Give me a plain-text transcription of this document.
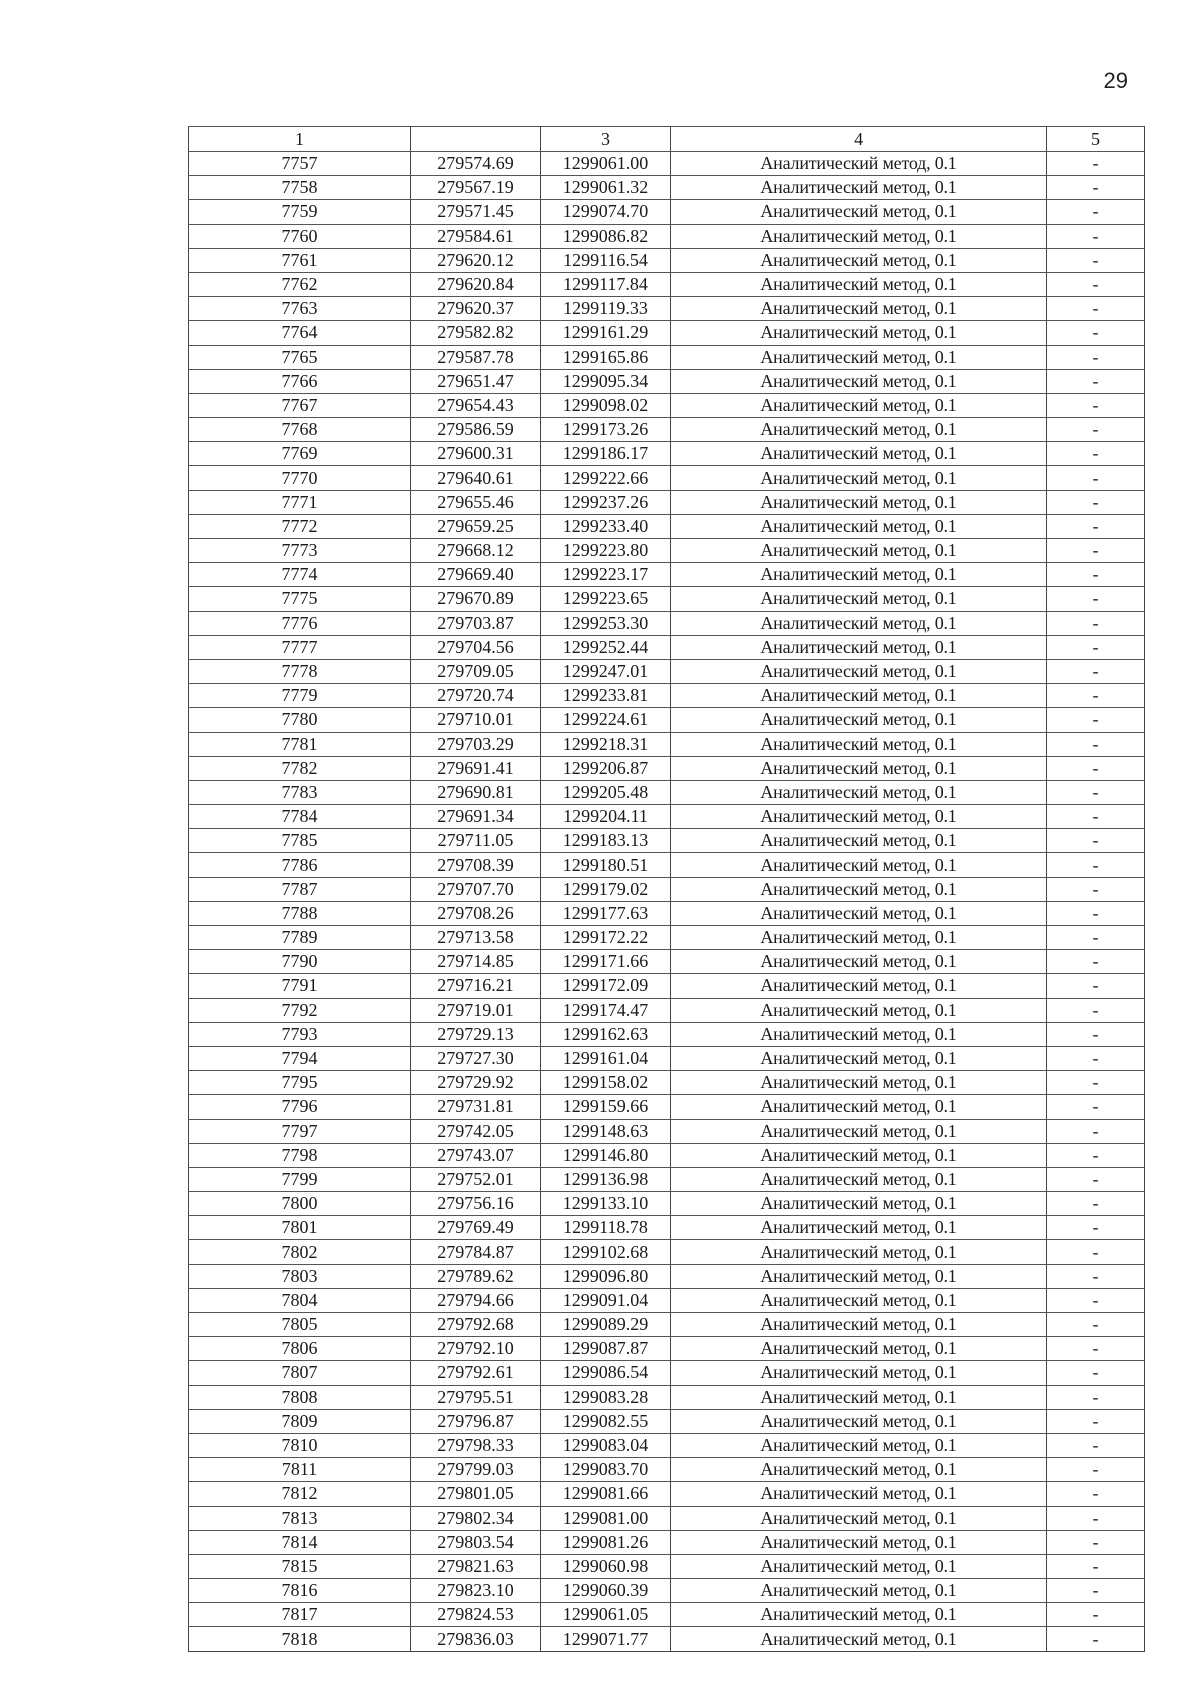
29
1		3	4	5
7757	279574.69	1299061.00	Аналитический метод, 0.1	-
7758	279567.19	1299061.32	Аналитический метод, 0.1	-
7759	279571.45	1299074.70	Аналитический метод, 0.1	-
7760	279584.61	1299086.82	Аналитический метод, 0.1	-
7761	279620.12	1299116.54	Аналитический метод, 0.1	-
7762	279620.84	1299117.84	Аналитический метод, 0.1	-
7763	279620.37	1299119.33	Аналитический метод, 0.1	-
7764	279582.82	1299161.29	Аналитический метод, 0.1	-
7765	279587.78	1299165.86	Аналитический метод, 0.1	-
7766	279651.47	1299095.34	Аналитический метод, 0.1	-
7767	279654.43	1299098.02	Аналитический метод, 0.1	-
7768	279586.59	1299173.26	Аналитический метод, 0.1	-
7769	279600.31	1299186.17	Аналитический метод, 0.1	-
7770	279640.61	1299222.66	Аналитический метод, 0.1	-
7771	279655.46	1299237.26	Аналитический метод, 0.1	-
7772	279659.25	1299233.40	Аналитический метод, 0.1	-
7773	279668.12	1299223.80	Аналитический метод, 0.1	-
7774	279669.40	1299223.17	Аналитический метод, 0.1	-
7775	279670.89	1299223.65	Аналитический метод, 0.1	-
7776	279703.87	1299253.30	Аналитический метод, 0.1	-
7777	279704.56	1299252.44	Аналитический метод, 0.1	-
7778	279709.05	1299247.01	Аналитический метод, 0.1	-
7779	279720.74	1299233.81	Аналитический метод, 0.1	-
7780	279710.01	1299224.61	Аналитический метод, 0.1	-
7781	279703.29	1299218.31	Аналитический метод, 0.1	-
7782	279691.41	1299206.87	Аналитический метод, 0.1	-
7783	279690.81	1299205.48	Аналитический метод, 0.1	-
7784	279691.34	1299204.11	Аналитический метод, 0.1	-
7785	279711.05	1299183.13	Аналитический метод, 0.1	-
7786	279708.39	1299180.51	Аналитический метод, 0.1	-
7787	279707.70	1299179.02	Аналитический метод, 0.1	-
7788	279708.26	1299177.63	Аналитический метод, 0.1	-
7789	279713.58	1299172.22	Аналитический метод, 0.1	-
7790	279714.85	1299171.66	Аналитический метод, 0.1	-
7791	279716.21	1299172.09	Аналитический метод, 0.1	-
7792	279719.01	1299174.47	Аналитический метод, 0.1	-
7793	279729.13	1299162.63	Аналитический метод, 0.1	-
7794	279727.30	1299161.04	Аналитический метод, 0.1	-
7795	279729.92	1299158.02	Аналитический метод, 0.1	-
7796	279731.81	1299159.66	Аналитический метод, 0.1	-
7797	279742.05	1299148.63	Аналитический метод, 0.1	-
7798	279743.07	1299146.80	Аналитический метод, 0.1	-
7799	279752.01	1299136.98	Аналитический метод, 0.1	-
7800	279756.16	1299133.10	Аналитический метод, 0.1	-
7801	279769.49	1299118.78	Аналитический метод, 0.1	-
7802	279784.87	1299102.68	Аналитический метод, 0.1	-
7803	279789.62	1299096.80	Аналитический метод, 0.1	-
7804	279794.66	1299091.04	Аналитический метод, 0.1	-
7805	279792.68	1299089.29	Аналитический метод, 0.1	-
7806	279792.10	1299087.87	Аналитический метод, 0.1	-
7807	279792.61	1299086.54	Аналитический метод, 0.1	-
7808	279795.51	1299083.28	Аналитический метод, 0.1	-
7809	279796.87	1299082.55	Аналитический метод, 0.1	-
7810	279798.33	1299083.04	Аналитический метод, 0.1	-
7811	279799.03	1299083.70	Аналитический метод, 0.1	-
7812	279801.05	1299081.66	Аналитический метод, 0.1	-
7813	279802.34	1299081.00	Аналитический метод, 0.1	-
7814	279803.54	1299081.26	Аналитический метод, 0.1	-
7815	279821.63	1299060.98	Аналитический метод, 0.1	-
7816	279823.10	1299060.39	Аналитический метод, 0.1	-
7817	279824.53	1299061.05	Аналитический метод, 0.1	-
7818	279836.03	1299071.77	Аналитический метод, 0.1	-
